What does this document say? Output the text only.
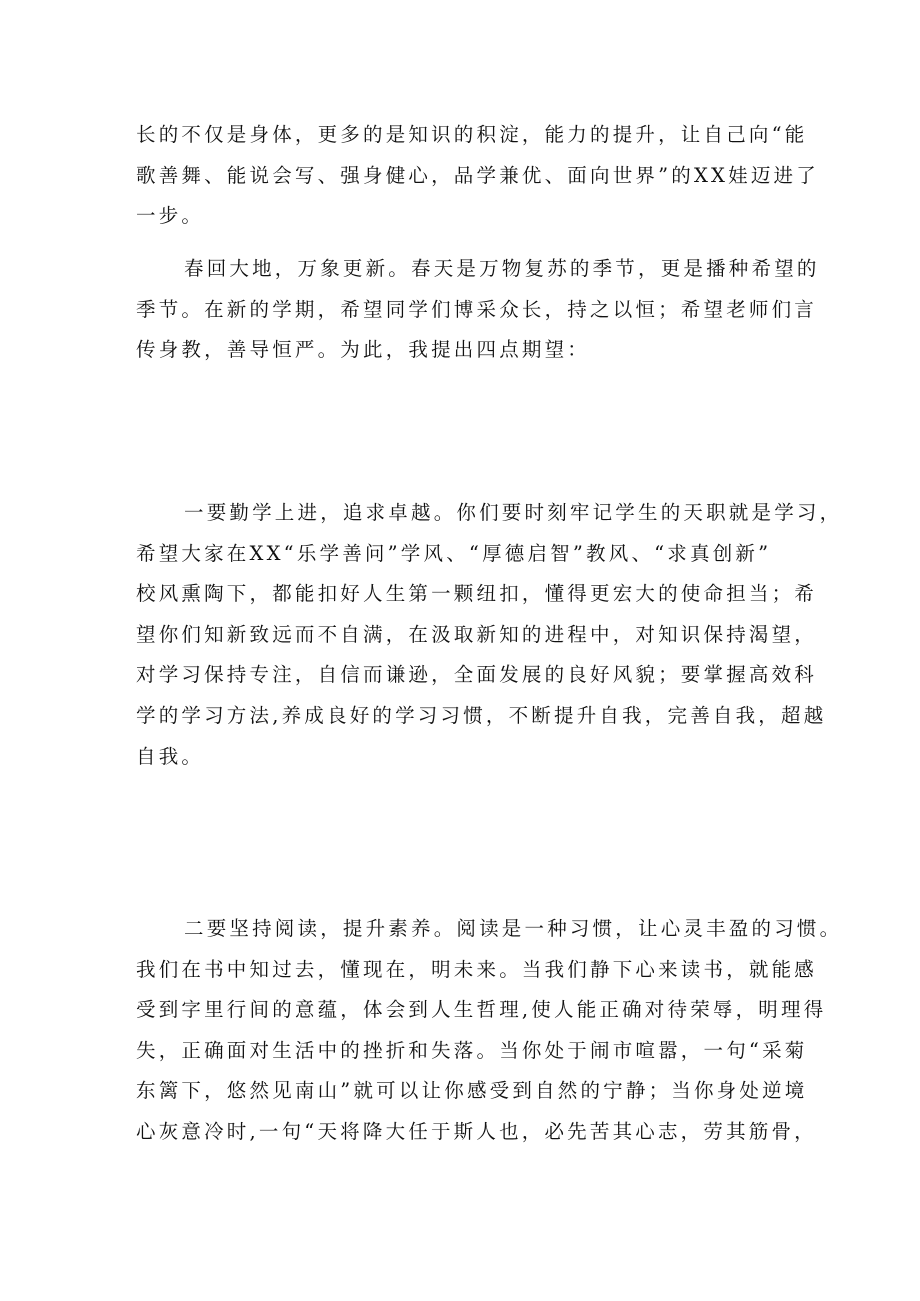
长的不仅是身体，更多的是知识的积淀，能力的提升，让自己向“能
歌善舞、能说会写、强身健心，品学兼优、面向世界”的XX娃迈进了
一步。
春回大地，万象更新。春天是万物复苏的季节，更是播种希望的
季节。在新的学期，希望同学们博采众长，持之以恒；希望老师们言
传身教，善导恒严。为此，我提出四点期望：
一要勤学上进，追求卓越。你们要时刻牢记学生的天职就是学习，
希望大家在XX“乐学善问”学风、“厚德启智”教风、“求真创新”
校风熏陶下，都能扣好人生第一颗纽扣，懂得更宏大的使命担当；希
望你们知新致远而不自满，在汲取新知的进程中，对知识保持渴望，
对学习保持专注，自信而谦逊，全面发展的良好风貌；要掌握高效科
学的学习方法,养成良好的学习习惯，不断提升自我，完善自我，超越
自我。
二要坚持阅读，提升素养。阅读是一种习惯，让心灵丰盈的习惯。
我们在书中知过去，懂现在，明未来。当我们静下心来读书，就能感
受到字里行间的意蕴，体会到人生哲理,使人能正确对待荣辱，明理得
失，正确面对生活中的挫折和失落。当你处于闹市喧嚣，一句“采菊
东篱下，悠然见南山”就可以让你感受到自然的宁静；当你身处逆境
心灰意冷时,一句“天将降大任于斯人也，必先苦其心志，劳其筋骨，
